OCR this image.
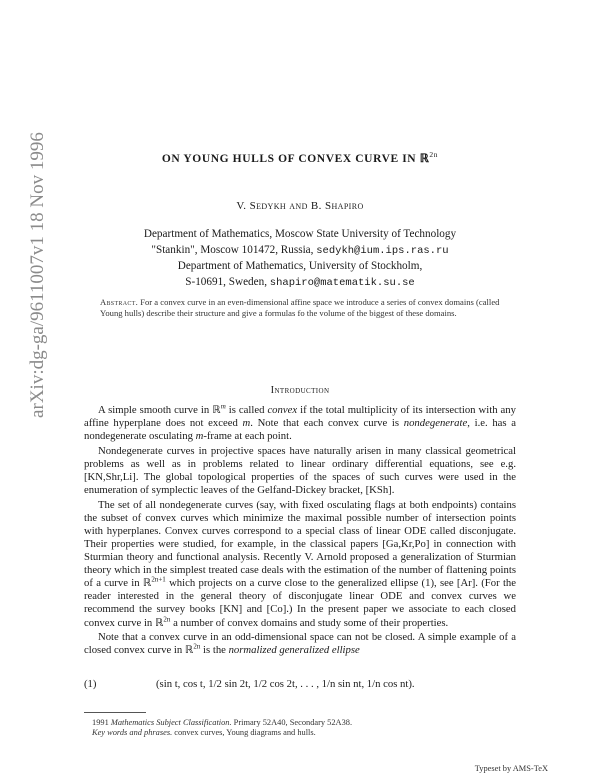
arXiv:dg-ga/9611007v1 18 Nov 1996	ON YOUNG HULLS OF CONVEX CURVE IN ℝ$^{2n}$
V. Sedykh and B. Shapiro
Department of Mathematics, Moscow State University of Technology
"Stankin", Moscow 101472, Russia, sedykh@ium.ips.ras.ru
Department of Mathematics, University of Stockholm,
S-10691, Sweden, shapiro@matematik.su.se
Abstract. For a convex curve in an even-dimensional affine space we introduce a series of convex domains (called Young hulls) describe their structure and give a formulas fo the volume of the biggest of these domains.
Introduction

A simple smooth curve in ℝ$^m$ is called convex if the total multiplicity of its intersection with any affine hyperplane does not exceed m. Note that each convex curve is nondegenerate, i.e. has a nondegenerate osculating m-frame at each point.

Nondegenerate curves in projective spaces have naturally arisen in many classical geometrical problems as well as in problems related to linear ordinary differential equations, see e.g. [KN,Shr,Li]. The global topological properties of the spaces of such curves were used in the enumeration of symplectic leaves of the Gelfand-Dickey bracket, [KSh].

The set of all nondegenerate curves (say, with fixed osculating flags at both endpoints) contains the subset of convex curves which minimize the maximal possible number of intersection points with hyperplanes. Convex curves correspond to a special class of linear ODE called disconjugate. Their properties were studied, for example, in the classical papers [Ga,Kr,Po] in connection with Sturmian theory and functional analysis. Recently V. Arnold proposed a generalization of Sturmian theory which in the simplest treated case deals with the estimation of the number of flattening points of a curve in ℝ$^{2n+1}$ which projects on a curve close to the generalized ellipse (1), see [Ar]. (For the reader interested in the general theory of disconjugate linear ODE and convex curves we recommend the survey books [KN] and [Co].) In the present paper we associate to each closed convex curve in ℝ$^{2n}$ a number of convex domains and study some of their properties.

Note that a convex curve in an odd-dimensional space can not be closed. A simple example of a closed convex curve in ℝ$^{2n}$ is the normalized generalized ellipse

(1)	(sin t, cos t, 1/2 sin 2t, 1/2 cos 2t, . . . , 1/n sin nt, 1/n cos nt).

1991 Mathematics Subject Classification. Primary 52A40, Secondary 52A38.

Key words and phrases. convex curves, Young diagrams and hulls.

Typeset by AMS-TeX
